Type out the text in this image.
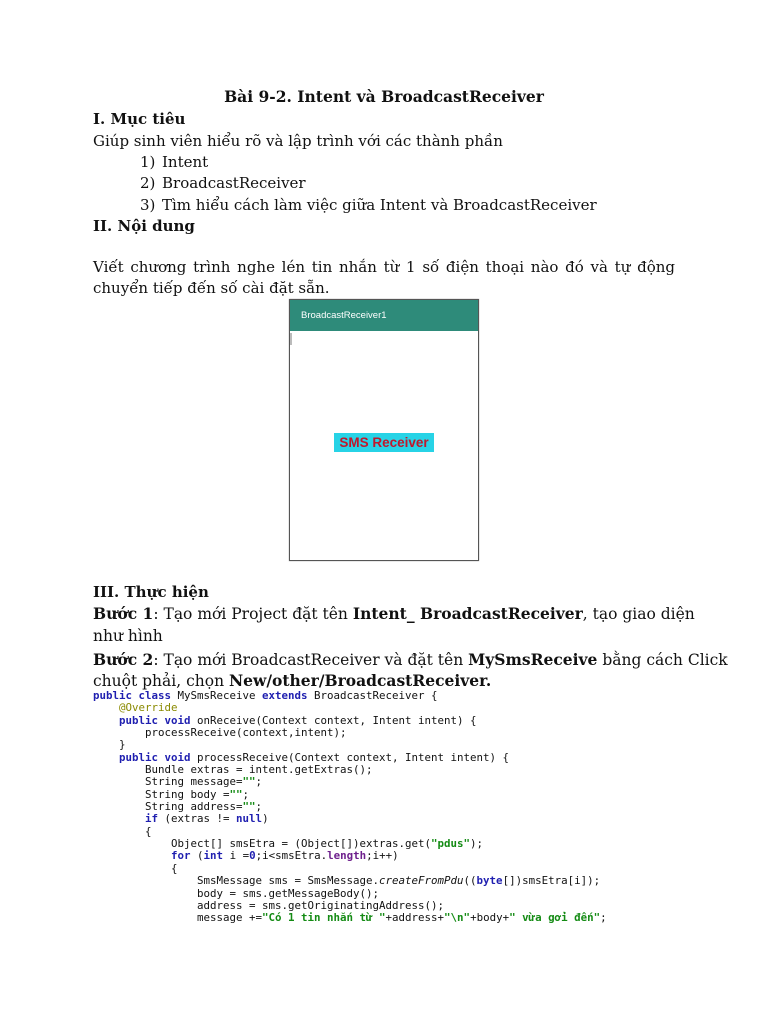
Bài 9-2. Intent và BroadcastReceiver
I. Mục tiêu
Giúp sinh viên hiểu rõ và lập trình với các thành phần
1) Intent
2) BroadcastReceiver
3) Tìm hiểu cách làm việc giữa Intent và BroadcastReceiver
II. Nội dung
Viết chương trình nghe lén tin nhắn từ 1 số điện thoại nào đó và tự động
chuyển tiếp đến số cài đặt sẵn.
BroadcastReceiver1
SMS Receiver
III. Thực hiện
Bước 1: Tạo mới Project đặt tên Intent_ BroadcastReceiver, tạo giao diện
như hình
Bước 2: Tạo mới BroadcastReceiver và đặt tên MySmsReceive bằng cách Click
chuột phải, chọn New/other/BroadcastReceiver.
public class MySmsReceive extends BroadcastReceiver {
@Override
public void onReceive(Context context, Intent intent) {
processReceive(context,intent);
}
public void processReceive(Context context, Intent intent) {
Bundle extras = intent.getExtras();
String message="";
String body ="";
String address="";
if (extras != null)
{
Object[] smsEtra = (Object[])extras.get("pdus");
for (int i =0;i<smsEtra.length;i++)
{
SmsMessage sms = SmsMessage.createFromPdu((byte[])smsEtra[i]);
body = sms.getMessageBody();
address = sms.getOriginatingAddress();
message +="Có 1 tin nhắn từ "+address+"\n"+body+" vừa gởi đến";
